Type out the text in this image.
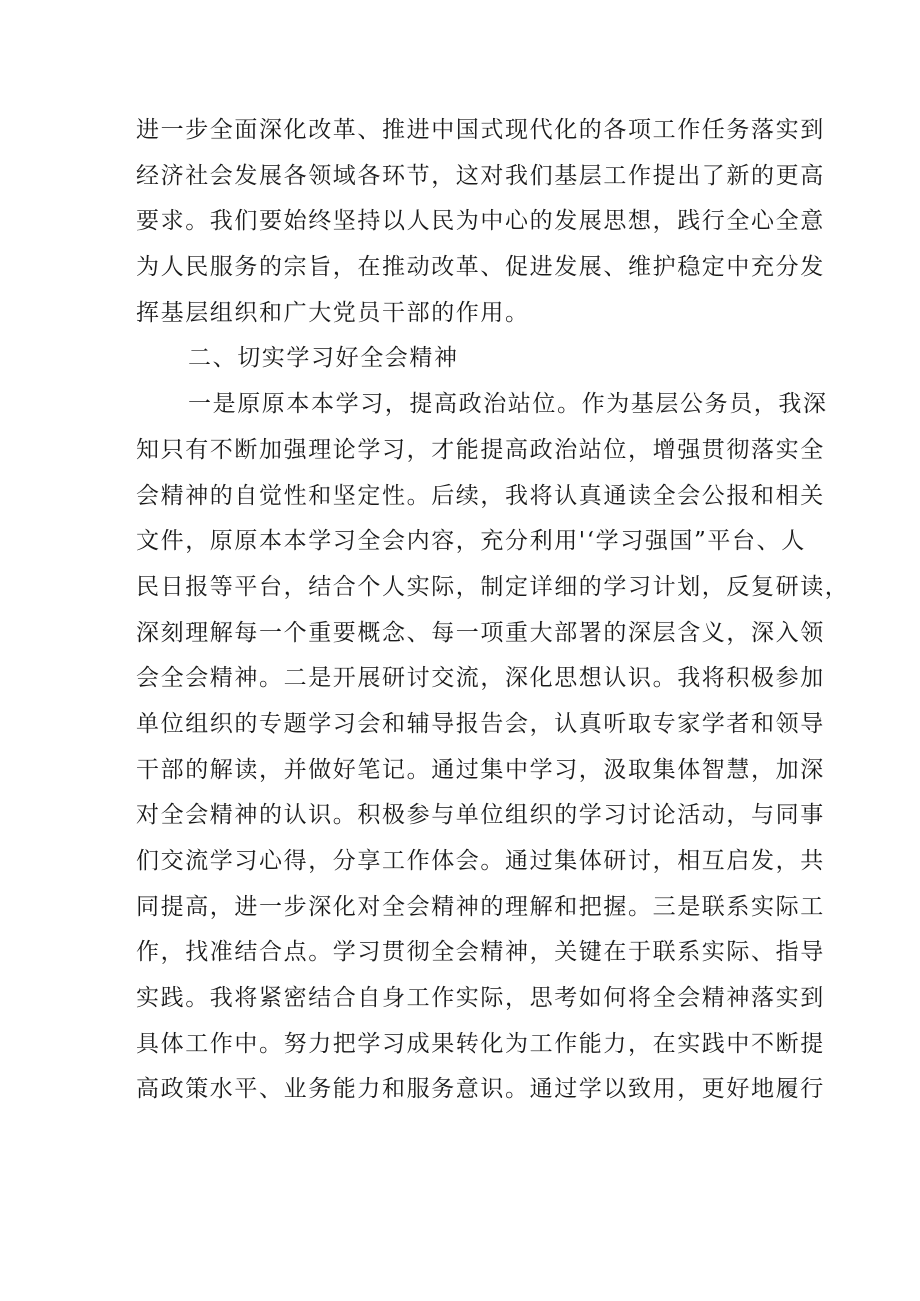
进一步全面深化改革、推进中国式现代化的各项工作任务落实到
经济社会发展各领域各环节，这对我们基层工作提出了新的更高
要求。我们要始终坚持以人民为中心的发展思想，践行全心全意
为人民服务的宗旨，在推动改革、促进发展、维护稳定中充分发
挥基层组织和广大党员干部的作用。
二、切实学习好全会精神
一是原原本本学习，提高政治站位。作为基层公务员，我深
知只有不断加强理论学习，才能提高政治站位，增强贯彻落实全
会精神的自觉性和坚定性。后续，我将认真通读全会公报和相关
文件，原原本本学习全会内容，充分利用'‘学习强国”平台、人
民日报等平台，结合个人实际，制定详细的学习计划，反复研读，
深刻理解每一个重要概念、每一项重大部署的深层含义，深入领
会全会精神。二是开展研讨交流，深化思想认识。我将积极参加
单位组织的专题学习会和辅导报告会，认真听取专家学者和领导
干部的解读，并做好笔记。通过集中学习，汲取集体智慧，加深
对全会精神的认识。积极参与单位组织的学习讨论活动，与同事
们交流学习心得，分享工作体会。通过集体研讨，相互启发，共
同提高，进一步深化对全会精神的理解和把握。三是联系实际工
作，找准结合点。学习贯彻全会精神，关键在于联系实际、指导
实践。我将紧密结合自身工作实际，思考如何将全会精神落实到
具体工作中。努力把学习成果转化为工作能力，在实践中不断提
高政策水平、业务能力和服务意识。通过学以致用，更好地履行
